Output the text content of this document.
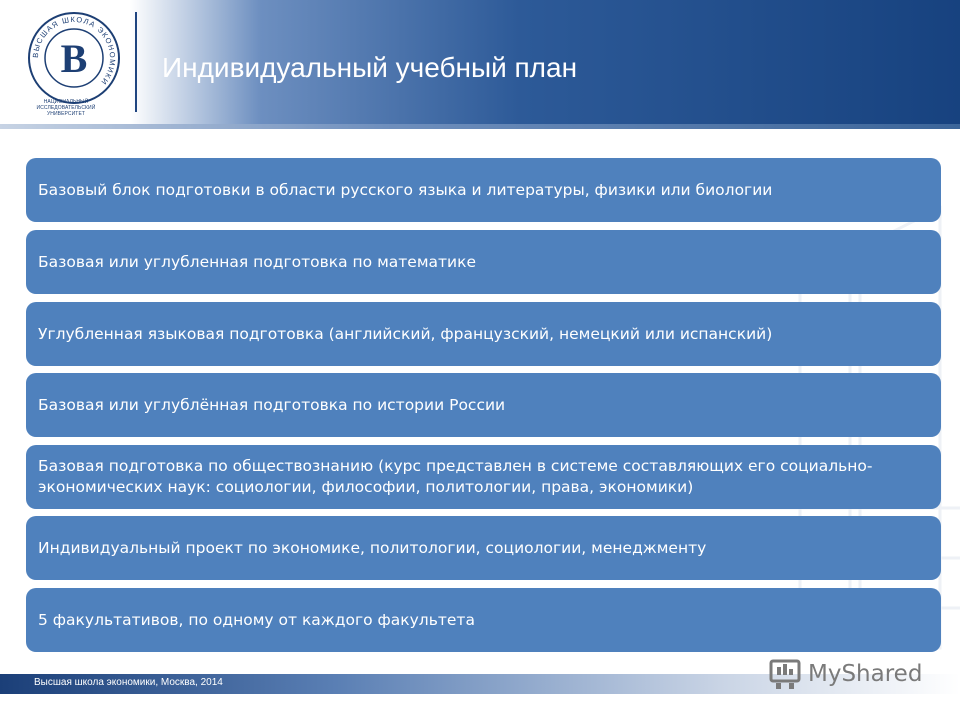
ВЫСШАЯ ШКОЛА ЭКОНОМИКИ
В
НАЦИОНАЛЬНЫЙ ИССЛЕДОВАТЕЛЬСКИЙ
УНИВЕРСИТЕТ
Индивидуальный учебный план
Базовый блок подготовки в области русского языка и литературы, физики или биологии
Базовая или углубленная подготовка по математике
Углубленная языковая подготовка (английский, французский, немецкий или испанский)
Базовая или углублённая подготовка по истории России
Базовая подготовка по обществознанию (курс представлен в системе составляющих его социально-экономических наук: социологии, философии, политологии, права, экономики)
Индивидуальный проект по экономике, политологии, социологии, менеджменту
5 факультативов, по одному от каждого факультета
Высшая школа экономики, Москва, 2014	MyShared
